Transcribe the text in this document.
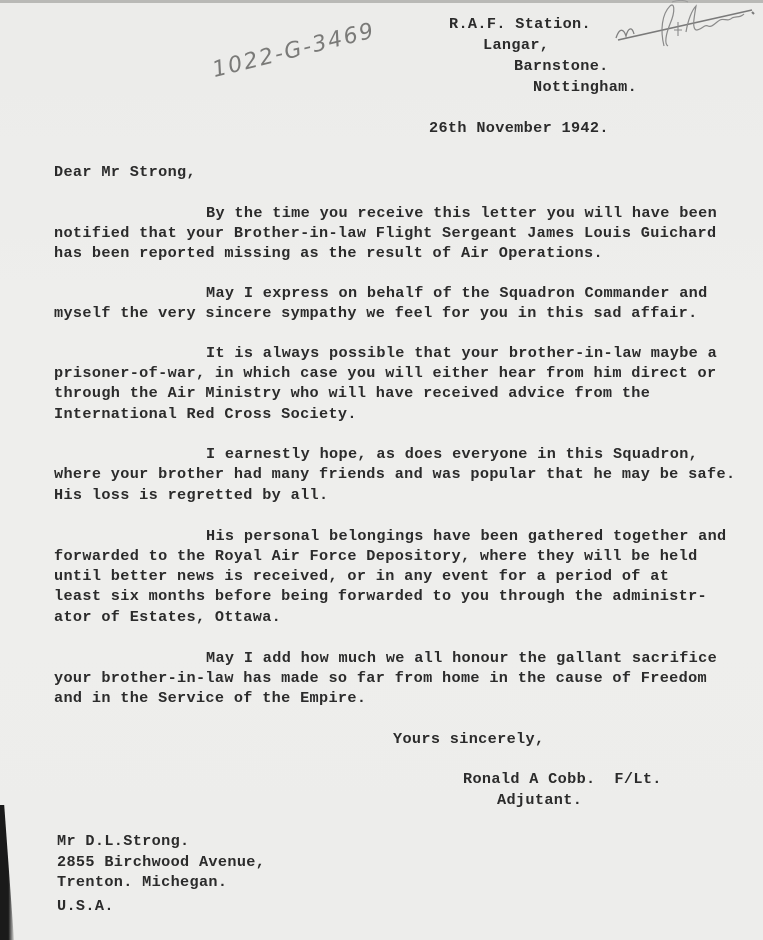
1022-G-3469	R.A.F. Station.
Langar,
Barnstone.
Nottingham.
26th November 1942.
Dear Mr Strong,
By the time you receive this letter you will have been
notified that your Brother-in-law Flight Sergeant James Louis Guichard
has been reported missing as the result of Air Operations.
May I express on behalf of the Squadron Commander and
myself the very sincere sympathy we feel for you in this sad affair.
It is always possible that your brother-in-law maybe a
prisoner-of-war, in which case you will either hear from him direct or
through the Air Ministry who will have received advice from the
International Red Cross Society.
I earnestly hope, as does everyone in this Squadron,
where your brother had many friends and was popular that he may be safe.
His loss is regretted by all.
His personal belongings have been gathered together and
forwarded to the Royal Air Force Depository, where they will be held
until better news is received, or in any event for a period of at
least six months before being forwarded to you through the administr-
ator of Estates, Ottawa.
May I add how much we all honour the gallant sacrifice
your brother-in-law has made so far from home in the cause of Freedom
and in the Service of the Empire.
Yours sincerely,
Ronald A Cobb.  F/Lt.
Adjutant.
Mr D.L.Strong.
2855 Birchwood Avenue,
Trenton. Michegan.
U.S.A.
